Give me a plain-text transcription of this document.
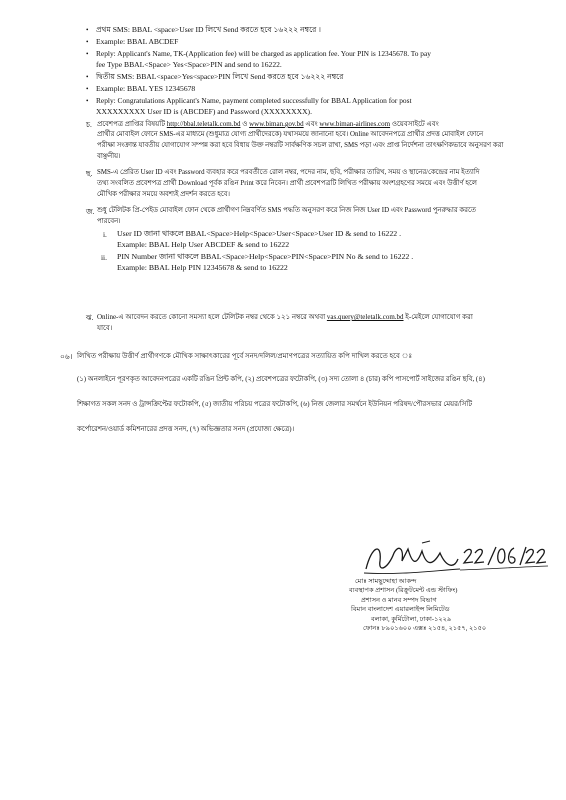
• প্রথম SMS: BBAL <space>User ID লিখে Send করতে হবে ১৬২২২ নম্বরে ।
• Example: BBAL ABCDEF
• Reply: Applicant's Name, TK-(Application fee) will be charged as application fee. Your PIN is 12345678. To pay
fee Type BBAL<Space> Yes<Space>PIN and send to 16222.
• দ্বিতীয় SMS: BBAL<space>Yes<space>PIN লিখে Send করতে হবে ১৬২২২ নম্বরে
• Example: BBAL YES 12345678
• Reply: Congratulations Applicant's Name, payment completed successfully for BBAL Application for post
XXXXXXXXX User ID is (ABCDEF) and Password (XXXXXXXX).
চ. প্রবেশপত্র প্রাপ্তির বিষয়টি http://bbal.teletalk.com.bd ও www.biman.gov.bd এবং www.biman-airlines.com ওয়েবসাইটে এবং
প্রার্থীর মোবাইল ফোনে SMS-এর মাধ্যমে (শুধুমাত্র যোগ্য প্রার্থীদেরকে) যথাসময়ে জানানো হবে। Online আবেদনপত্রে প্রার্থীর প্রদত্ত মোবাইল ফোনে
পরীক্ষা সংক্রান্ত যাবতীয় যোগাযোগ সম্পন্ন করা হবে বিধায় উক্ত নম্বরটি সার্বক্ষণিক সচল রাখা, SMS পড়া এবং প্রাপ্ত নির্দেশনা তাৎক্ষণিকভাবে অনুসরণ করা
বাঞ্ছনীয়।
ছ. SMS-এ প্রেরিত User ID এবং Password ব্যবহার করে পরবর্তীতে রোল নম্বর, পদের নাম, ছবি, পরীক্ষার তারিখ, সময় ও স্থানের/কেন্দ্রের নাম ইত্যাদি
তথ্য সংবলিত প্রবেশপত্র প্রার্থী Download পূর্বক রঙিন Print করে নিবেন। প্রার্থী প্রবেশপত্রটি লিখিত পরীক্ষায় অংশগ্রহণের সময়ে এবং উত্তীর্ণ হলে
মৌখিক পরীক্ষার সময়ে অবশ্যই প্রদর্শন করতে হবে।
জ. শুধু টেলিটক প্রি-পেইড মোবাইল ফোন থেকে প্রার্থীগণ নিম্নবর্ণিত SMS পদ্ধতি অনুসরণ করে নিজ নিজ User ID এবং Password পুনরুদ্ধার করতে
পারবেন।
i. User ID জানা থাকলে BBAL<Space>Help<Space>User<Space>User ID & send to 16222 .
Example: BBAL Help User ABCDEF & send to 16222
ii. PIN Number জানা থাকলে BBAL<Space>Help<Space>PIN<Space>PIN No & send to 16222 .
Example: BBAL Help PIN 12345678 & send to 16222
ঝ. Online-এ আবেদন করতে কোনো সমস্যা হলে টেলিটক নম্বর থেকে ১২১ নম্বরে অথবা vas.query@teletalk.com.bd ই-মেইলে যোগাযোগ করা
যাবে।
০৬। লিখিত পরীক্ষায় উত্তীর্ণ প্রার্থীগণকে মৌখিক সাক্ষাৎকারের পূর্বে সনদ/দলিল/প্রমাণপত্রের সত্যায়িত কপি দাখিল করতে হবে ঃ
(১) অনলাইনে পূরণকৃত আবেদনপত্রের একটি রঙিন প্রিন্ট কপি, (২) প্রবেশপত্রের ফটোকপি, (৩) সদ্য তোলা ৪ (চার) কপি পাসপোর্ট সাইজের রঙিন ছবি, (৪)
শিক্ষাগত সকল সনদ ও ট্রান্সক্রিপ্টের ফটোকপি, (৫) জাতীয় পরিচয় পত্রের ফটোকপি, (৬) নিজ জেলার সমর্থনে ইউনিয়ন পরিষদ/পৌরসভার মেয়র/সিটি
কর্পোরেশন/ওয়ার্ড কমিশনারের প্রদত্ত সনদ, (৭) অভিজ্ঞতার সনদ (প্রযোজ্য ক্ষেত্রে)।
মোঃ সামছুদ্দোহা আকন্দ
ব্যবস্থাপক প্রশাসন (রিক্রুটমেন্ট এন্ড স্টাফিং)
প্রশাসন ও মানব সম্পদ বিভাগ
বিমান বাংলাদেশ এয়ারলাইন্স লিমিটেড
বলাকা, কুর্মিটোলা, ঢাকা-১২২৯
ফোনঃ ৮৯০১৬০০ এক্সঃ ২১৫৪, ২১৫৭, ২১৫০
